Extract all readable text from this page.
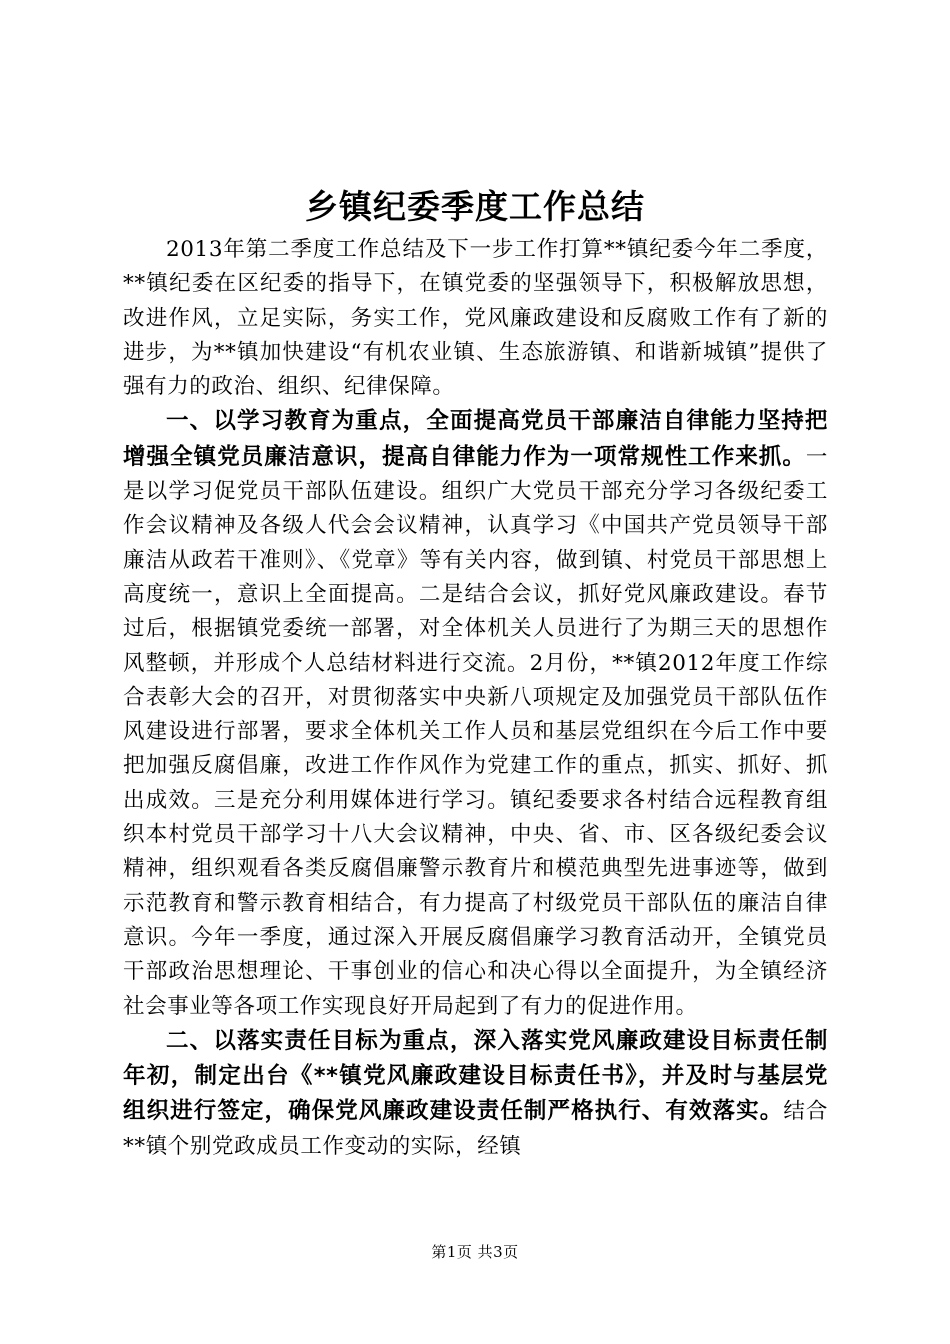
乡镇纪委季度工作总结

2013年第二季度工作总结及下一步工作打算**镇纪委今年二季度，**镇纪委在区纪委的指导下，在镇党委的坚强领导下，积极解放思想，改进作风，立足实际，务实工作，党风廉政建设和反腐败工作有了新的进步，为**镇加快建设“有机农业镇、生态旅游镇、和谐新城镇”提供了强有力的政治、组织、纪律保障。

一、以学习教育为重点，全面提高党员干部廉洁自律能力坚持把增强全镇党员廉洁意识，提高自律能力作为一项常规性工作来抓。一是以学习促党员干部队伍建设。组织广大党员干部充分学习各级纪委工作会议精神及各级人代会会议精神，认真学习《中国共产党员领导干部廉洁从政若干准则》、《党章》等有关内容，做到镇、村党员干部思想上高度统一，意识上全面提高。二是结合会议，抓好党风廉政建设。春节过后，根据镇党委统一部署，对全体机关人员进行了为期三天的思想作风整顿，并形成个人总结材料进行交流。2月份，**镇2012年度工作综合表彰大会的召开，对贯彻落实中央新八项规定及加强党员干部队伍作风建设进行部署，要求全体机关工作人员和基层党组织在今后工作中要把加强反腐倡廉，改进工作作风作为党建工作的重点，抓实、抓好、抓出成效。三是充分利用媒体进行学习。镇纪委要求各村结合远程教育组织本村党员干部学习十八大会议精神，中央、省、市、区各级纪委会议精神，组织观看各类反腐倡廉警示教育片和模范典型先进事迹等，做到示范教育和警示教育相结合，有力提高了村级党员干部队伍的廉洁自律意识。今年一季度，通过深入开展反腐倡廉学习教育活动开，全镇党员干部政治思想理论、干事创业的信心和决心得以全面提升，为全镇经济社会事业等各项工作实现良好开局起到了有力的促进作用。

二、以落实责任目标为重点，深入落实党风廉政建设目标责任制年初，制定出台《**镇党风廉政建设目标责任书》，并及时与基层党组织进行签定，确保党风廉政建设责任制严格执行、有效落实。结合**镇个别党政成员工作变动的实际，经镇

第1页 共3页
